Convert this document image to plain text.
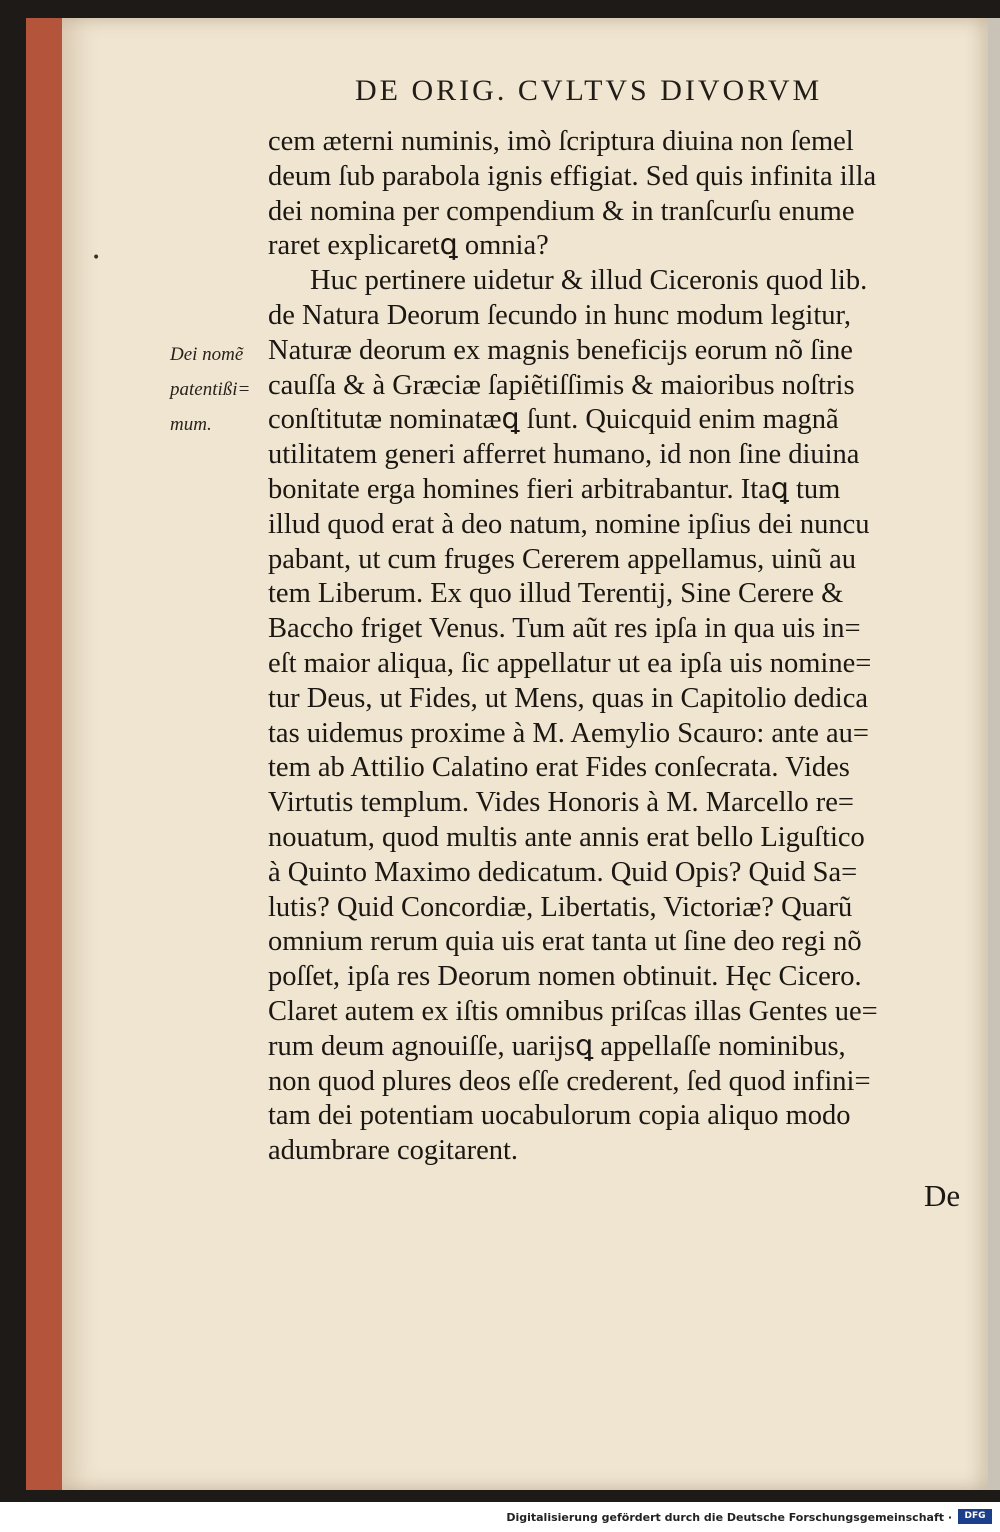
DE ORIG. CVLTVS DIVORVM
•
Dei nomẽ
patentißi=
mum.
cem æterni numinis, imò ſcriptura diuina non ſemel
deum ſub parabola ignis effigiat. Sed quis infinita illa
dei nomina per compendium & in tranſcurſu enume
raret explicaretꝗ omnia?
Huc pertinere uidetur & illud Ciceronis quod lib.
de Natura Deorum ſecundo in hunc modum legitur,
Naturæ deorum ex magnis beneficijs eorum nõ ſine
cauſſa & à Græciæ ſapiẽtiſſimis & maioribus noſtris
conſtitutæ nominatæꝗ ſunt. Quicquid enim magnã
utilitatem generi afferret humano, id non ſine diuina
bonitate erga homines fieri arbitrabantur. Itaꝗ tum
illud quod erat à deo natum, nomine ipſius dei nuncu
pabant, ut cum fruges Cererem appellamus, uinũ au
tem Liberum. Ex quo illud Terentij, Sine Cerere &
Baccho friget Venus. Tum aũt res ipſa in qua uis in=
eſt maior aliqua, ſic appellatur ut ea ipſa uis nomine=
tur Deus, ut Fides, ut Mens, quas in Capitolio dedica
tas uidemus proxime à M. Aemylio Scauro: ante au=
tem ab Attilio Calatino erat Fides conſecrata. Vides
Virtutis templum. Vides Honoris à M. Marcello re=
nouatum, quod multis ante annis erat bello Liguſtico
à Quinto Maximo dedicatum. Quid Opis? Quid Sa=
lutis? Quid Concordiæ, Libertatis, Victoriæ? Quarũ
omnium rerum quia uis erat tanta ut ſine deo regi nõ
poſſet, ipſa res Deorum nomen obtinuit. Hęc Cicero.
Claret autem ex iſtis omnibus priſcas illas Gentes ue=
rum deum agnouiſſe, uarijsꝗ appellaſſe nominibus,
non quod plures deos eſſe crederent, ſed quod infini=
tam dei potentiam uocabulorum copia aliquo modo
adumbrare cogitarent.
De
Digitalisierung gefördert durch die Deutsche Forschungsgemeinschaft ·	DFG
